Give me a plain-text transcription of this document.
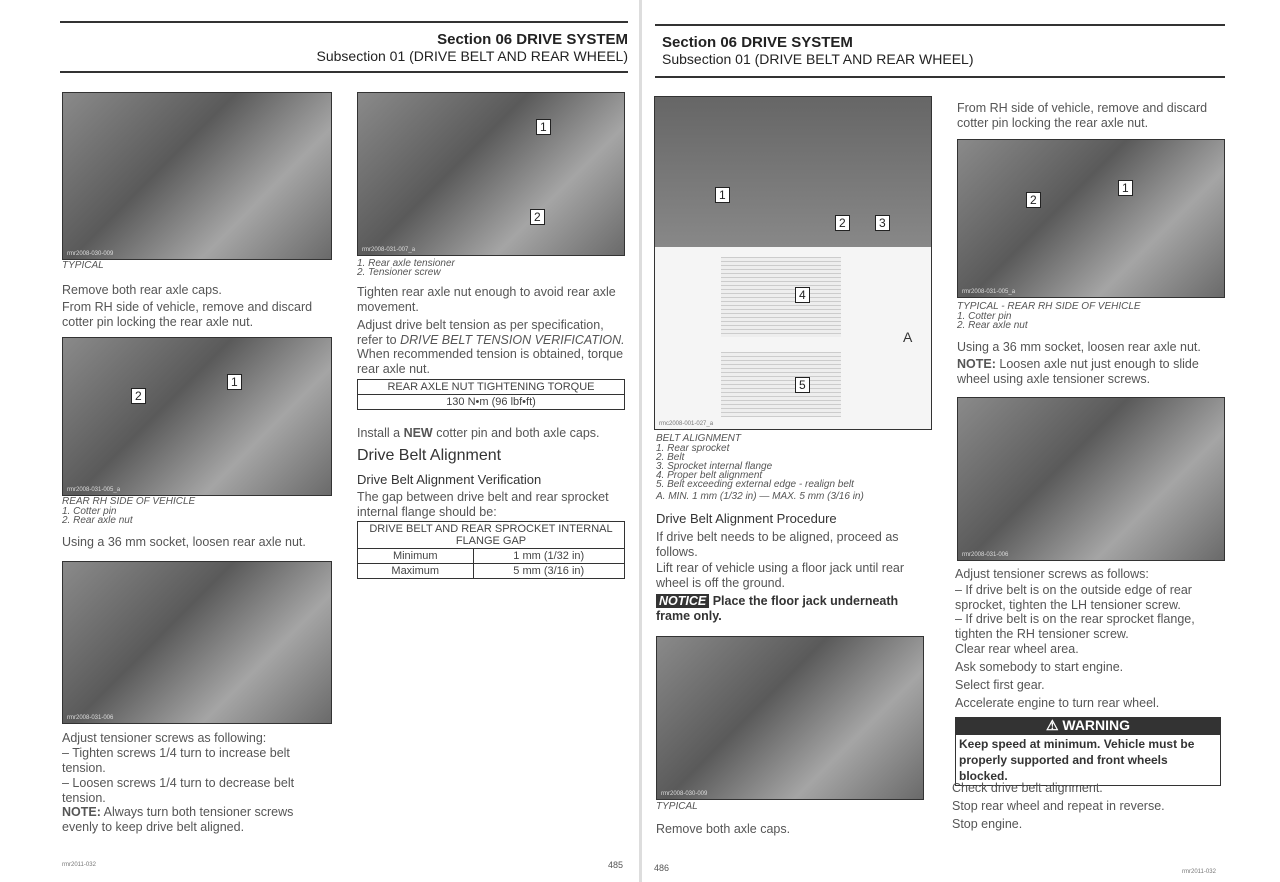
Section 06 DRIVE SYSTEM
Subsection 01 (DRIVE BELT AND REAR WHEEL)
rmr2008-030-009
TYPICAL
Remove both rear axle caps.
From RH side of vehicle, remove and discard cotter pin locking the rear axle nut.
1
2
rmr2008-031-005_a
REAR RH SIDE OF VEHICLE
1. Cotter pin
2. Rear axle nut
Using a 36 mm socket, loosen rear axle nut.
rmr2008-031-006
Adjust tensioner screws as following:
– Tighten screws 1/4 turn to increase belt tension.
– Loosen screws 1/4 turn to decrease belt tension.
NOTE: Always turn both tensioner screws evenly to keep drive belt aligned.
1
2
rmr2008-031-007_a
1. Rear axle tensioner
2. Tensioner screw
Tighten rear axle nut enough to avoid rear axle movement.
Adjust drive belt tension as per specification, refer to DRIVE BELT TENSION VERIFICATION.
When recommended tension is obtained, torque rear axle nut.
REAR AXLE NUT TIGHTENING TORQUE
130 N•m (96 lbf•ft)
Install a NEW cotter pin and both axle caps.
Drive Belt Alignment
Drive Belt Alignment Verification
The gap between drive belt and rear sprocket internal flange should be:
DRIVE BELT AND REAR SPROCKET INTERNAL FLANGE GAP	
Minimum	1 mm (1/32 in)
Maximum	5 mm (3/16 in)
rmr2011-032	485
Section 06 DRIVE SYSTEM
Subsection 01 (DRIVE BELT AND REAR WHEEL)
1
2	3
4
5
A
rmc2008-001-027_a
BELT ALIGNMENT
1. Rear sprocket
2. Belt
3. Sprocket internal flange
4. Proper belt alignment
5. Belt exceeding external edge - realign belt
A. MIN. 1 mm (1/32 in) — MAX. 5 mm (3/16 in)
Drive Belt Alignment Procedure
If drive belt needs to be aligned, proceed as follows.
Lift rear of vehicle using a floor jack until rear wheel is off the ground.
NOTICE Place the floor jack underneath frame only.
rmr2008-030-009
TYPICAL
Remove both axle caps.
From RH side of vehicle, remove and discard cotter pin locking the rear axle nut.
1
2
rmr2008-031-005_a
TYPICAL - REAR RH SIDE OF VEHICLE
1. Cotter pin
2. Rear axle nut
Using a 36 mm socket, loosen rear axle nut.
NOTE: Loosen axle nut just enough to slide wheel using axle tensioner screws.
rmr2008-031-006
Adjust tensioner screws as follows:
– If drive belt is on the outside edge of rear sprocket, tighten the LH tensioner screw.
– If drive belt is on the rear sprocket flange, tighten the RH tensioner screw.
Clear rear wheel area.
Ask somebody to start engine.
Select first gear.
Accelerate engine to turn rear wheel.
⚠ WARNING
Keep speed at minimum. Vehicle must be properly supported and front wheels blocked.
Check drive belt alignment.
Stop rear wheel and repeat in reverse.
Stop engine.
486	rmr2011-032
